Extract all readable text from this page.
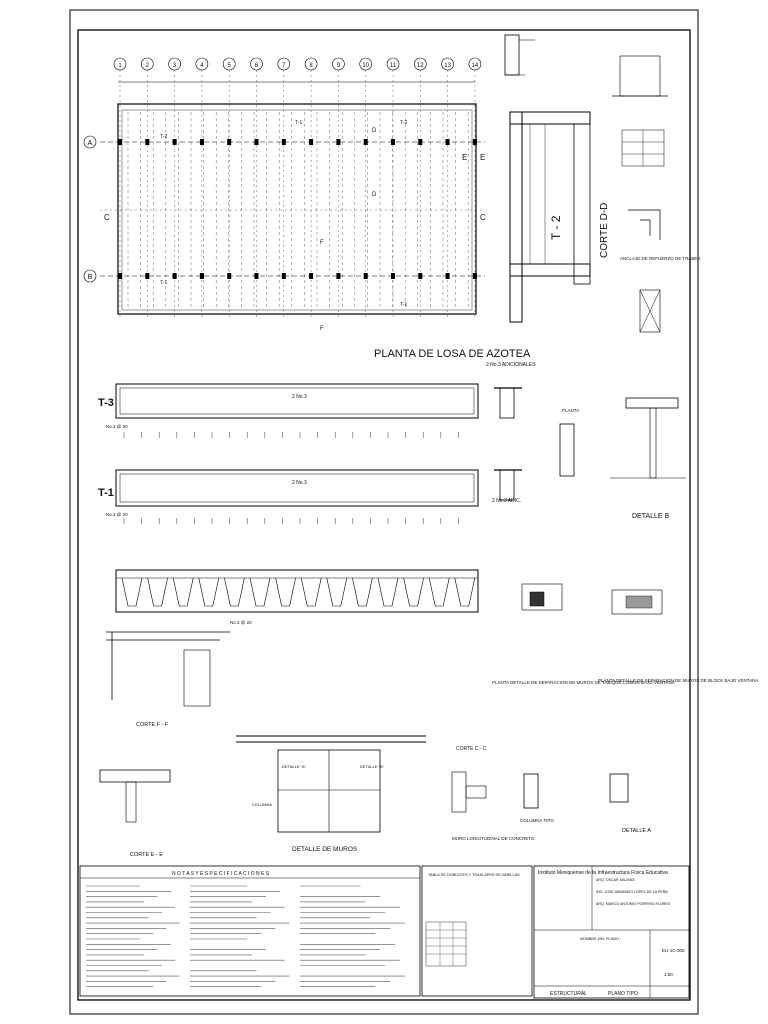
1	2	3	4	5	6	7	8	9	10	11	12	13	14
T-2
T-1	T-2
T-1
T-1
A
B
E E
C	C
F
F
D
D
PLANTA DE LOSA DE AZOTEA
T - 2	CORTE D-D
ANCLAJE DE REFUERZO DE TRABES
T-3	2 No.3
No.3 @ 20
T-1
2 No.3
No.3 @ 20
No.3 @ 20
2 No.3 ADICIONALES
2 No.3 ADIC.
PLANTA
DETALLE B
PLANTA DETALLE DE SEPARACION DE MUROS DE TABIQUE COMUN BAJO VENTANA
PLANTA DETALLE DE SEPARACION DE MUROS DE BLOCK BAJO VENTANA
CORTE F - F
CORTE E - E
DETALLE "A"	DETALLE "B"
COLUMNA
DETALLE DE MUROS
CORTE C - C
MURO LONGITUDINAL DE CONCRETO
COLUMNA TIPO
DETALLE A
N O T A S Y E S P E C I F I C A C I O N E S	TABLA DE DOBLECES Y TRASLAPES DE VARILLAS	Instituto Mexiquense de la Infraestructura Física Educativa
ARQ. OSCAR SALINAS
ING. JOSE ARMANDO LOPEZ DE LA PEÑA
ARQ. MARCO ANTONIO PORFIRIO FLORES
NOMBRE DEL PLANO :
EU-1C-005
1:50
ESTRUCTURAL	PLANO TIPO
